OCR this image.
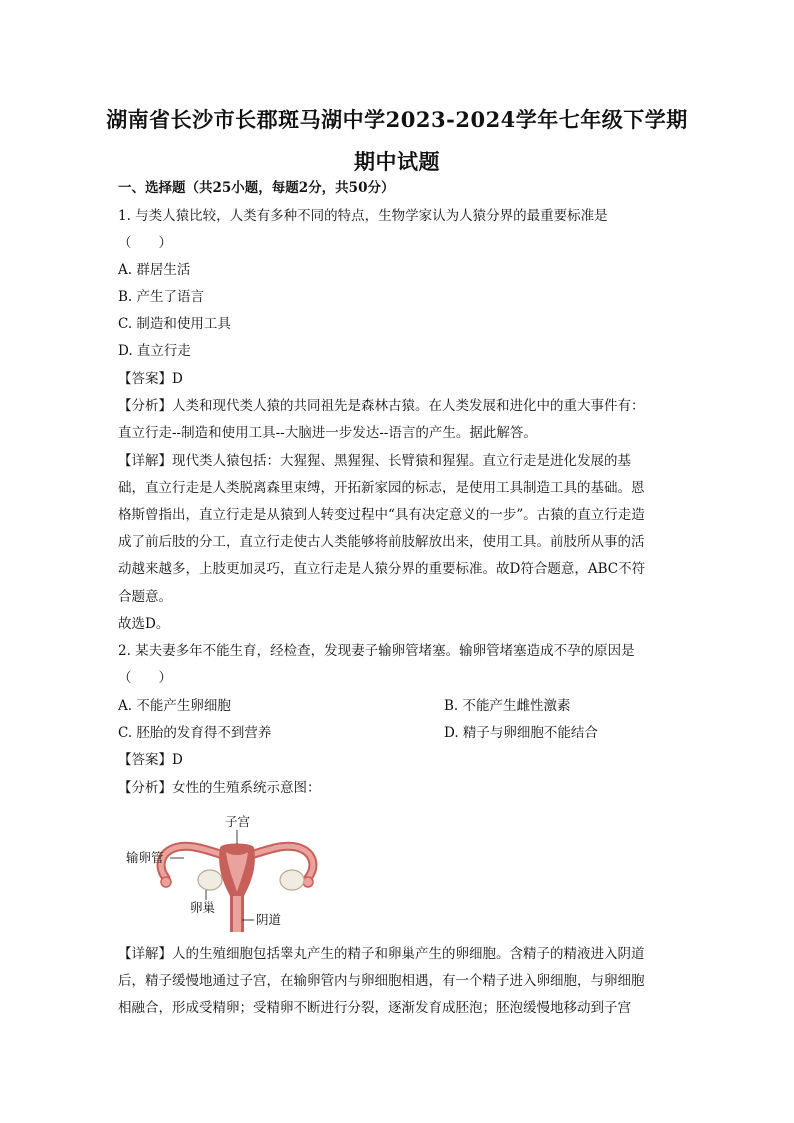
湖南省长沙市长郡斑马湖中学2023-2024学年七年级下学期
期中试题
一、选择题（共25小题，每题2分，共50分）
1. 与类人猿比较，人类有多种不同的特点，生物学家认为人猿分界的最重要标准是
（　　）
A. 群居生活
B. 产生了语言
C. 制造和使用工具
D. 直立行走
【答案】D
【分析】人类和现代类人猿的共同祖先是森林古猿。在人类发展和进化中的重大事件有：
直立行走--制造和使用工具--大脑进一步发达--语言的产生。据此解答。
【详解】现代类人猿包括：大猩猩、黑猩猩、长臂猿和猩猩。直立行走是进化发展的基
础，直立行走是人类脱离森里束缚，开拓新家园的标志，是使用工具制造工具的基础。恩
格斯曾指出，直立行走是从猿到人转变过程中“具有决定意义的一步”。古猿的直立行走造
成了前后肢的分工，直立行走使古人类能够将前肢解放出来，使用工具。前肢所从事的活
动越来越多，上肢更加灵巧，直立行走是人猿分界的重要标准。故D符合题意，ABC不符
合题意。
故选D。
2. 某夫妻多年不能生育，经检查，发现妻子输卵管堵塞。输卵管堵塞造成不孕的原因是
（　　）
A. 不能产生卵细胞	B. 不能产生雌性激素
C. 胚胎的发育得不到营养	D. 精子与卵细胞不能结合
【答案】D
【分析】女性的生殖系统示意图：
子宫
输卵管
卵巢
阴道
【详解】人的生殖细胞包括睾丸产生的精子和卵巢产生的卵细胞。含精子的精液进入阴道
后，精子缓慢地通过子宫，在输卵管内与卵细胞相遇，有一个精子进入卵细胞，与卵细胞
相融合，形成受精卵；受精卵不断进行分裂，逐渐发育成胚泡；胚泡缓慢地移动到子宫
